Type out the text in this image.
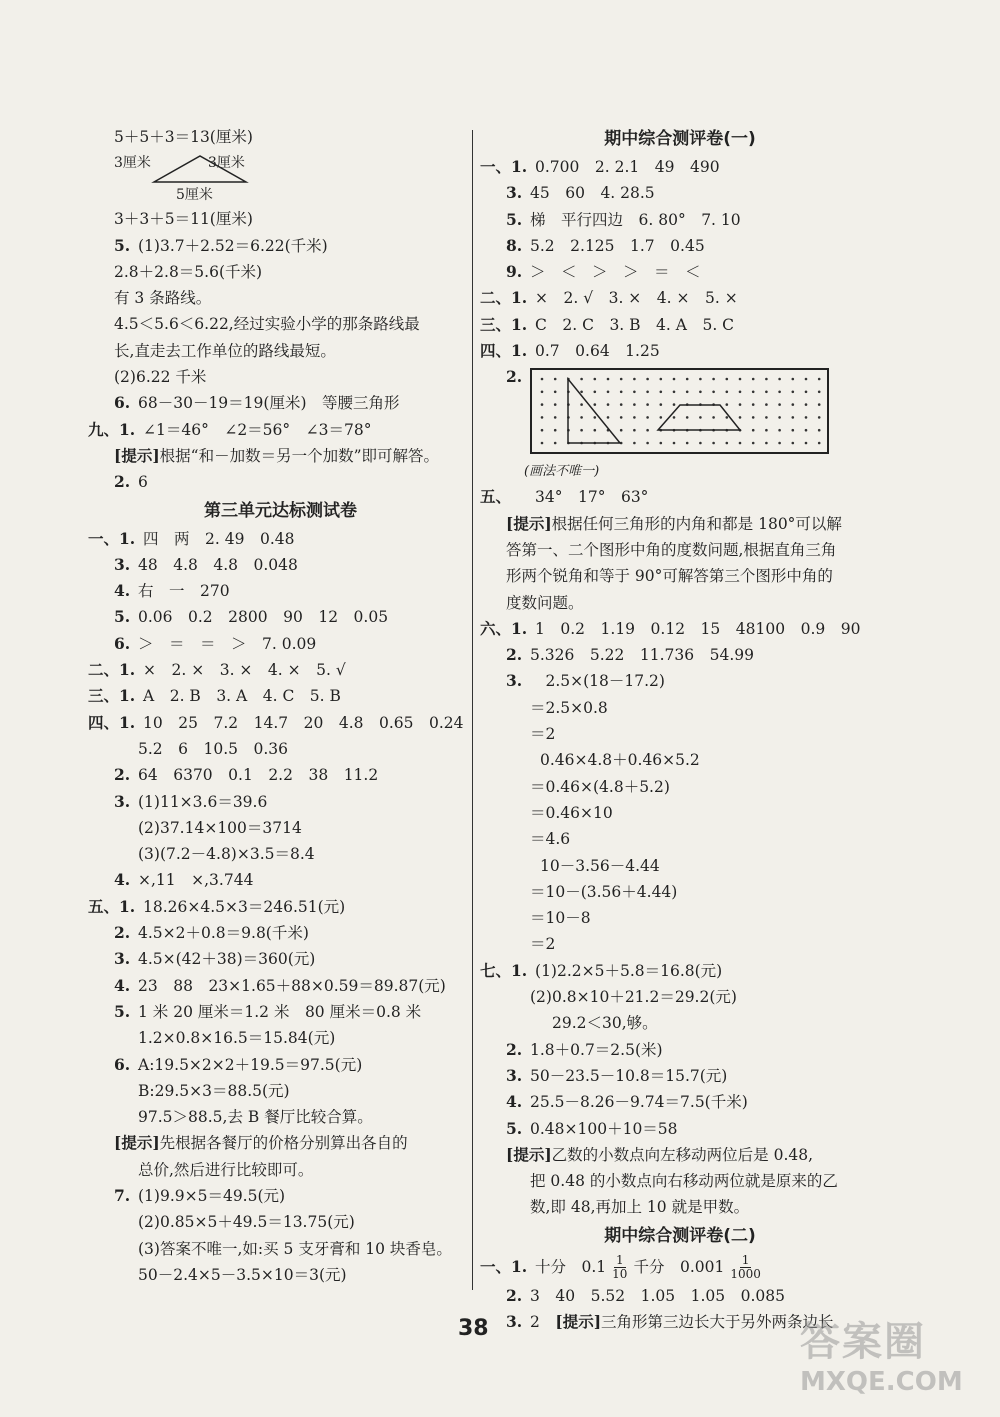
5＋5＋3＝13(厘米)
3厘米	3厘米
5厘米
3＋3＋5＝11(厘米)
5. (1)3.7＋2.52＝6.22(千米)
2.8＋2.8＝5.6(千米)
有 3 条路线。
4.5＜5.6＜6.22,经过实验小学的那条路线最
长,直走去工作单位的路线最短。
(2)6.22 千米
6. 68－30－19＝19(厘米)　等腰三角形
九、1. ∠1＝46°　∠2＝56°　∠3＝78°
[提示]根据“和－加数＝另一个加数”即可解答。
2. 6
第三单元达标测试卷
一、1. 四　两　2. 49　0.48
3. 48　4.8　4.8　0.048
4. 右　一　270
5. 0.06　0.2　2800　90　12　0.05
6. ＞　＝　＝　＞　7. 0.09
二、1. ×　2. ×　3. ×　4. ×　5. √
三、1. A　2. B　3. A　4. C　5. B
四、1. 10　25　7.2　14.7　20　4.8　0.65　0.24
5.2　6　10.5　0.36
2. 64　6370　0.1　2.2　38　11.2
3. (1)11×3.6＝39.6
(2)37.14×100＝3714
(3)(7.2－4.8)×3.5＝8.4
4. ×,11　×,3.744
五、1. 18.26×4.5×3＝246.51(元)
2. 4.5×2＋0.8＝9.8(千米)
3. 4.5×(42＋38)＝360(元)
4. 23　88　23×1.65＋88×0.59＝89.87(元)
5. 1 米 20 厘米＝1.2 米　80 厘米＝0.8 米
1.2×0.8×16.5＝15.84(元)
6. A:19.5×2×2＋19.5＝97.5(元)
B:29.5×3＝88.5(元)
97.5＞88.5,去 B 餐厅比较合算。
[提示]先根据各餐厅的价格分别算出各自的
总价,然后进行比较即可。
7. (1)9.9×5＝49.5(元)
(2)0.85×5＋49.5＝13.75(元)
(3)答案不唯一,如:买 5 支牙膏和 10 块香皂。
50－2.4×5－3.5×10＝3(元)
期中综合测评卷(一)
一、1. 0.700　2. 2.1　49　490
3. 45　60　4. 28.5
5. 梯　平行四边　6. 80°　7. 10
8. 5.2　2.125　1.7　0.45
9. ＞　＜　＞　＞　＝　＜
二、1. ×　2. √　3. ×　4. ×　5. ×
三、1. C　2. C　3. B　4. A　5. C
四、1. 0.7　0.64　1.25
2.
(画法不唯一)
五、 34°　17°　63°
[提示]根据任何三角形的内角和都是 180°可以解
答第一、二个图形中角的度数问题,根据直角三角
形两个锐角和等于 90°可解答第三个图形中角的
度数问题。
六、1. 1　0.2　1.19　0.12　15　48100　0.9　90
2. 5.326　5.22　11.736　54.99
3.　2.5×(18－17.2)
＝2.5×0.8
＝2
0.46×4.8＋0.46×5.2
＝0.46×(4.8＋5.2)
＝0.46×10
＝4.6
10－3.56－4.44
＝10－(3.56＋4.44)
＝10－8
＝2
七、1. (1)2.2×5＋5.8＝16.8(元)
(2)0.8×10＋21.2＝29.2(元)
29.2＜30,够。
2. 1.8＋0.7＝2.5(米)
3. 50－23.5－10.8＝15.7(元)
4. 25.5－8.26－9.74＝7.5(千米)
5. 0.48×100＋10＝58
[提示]乙数的小数点向左移动两位后是 0.48,
把 0.48 的小数点向右移动两位就是原来的乙
数,即 48,再加上 10 就是甲数。
期中综合测评卷(二)
一、1. 十分　$0.1 \frac{1}{10}$ 千分　$0.001 \frac{1}{1000}$
2. 3　40　5.52　1.05　1.05　0.085
3. 2　[提示]三角形第三边长大于另外两条边长
38	答案圈
MXQE.COM
